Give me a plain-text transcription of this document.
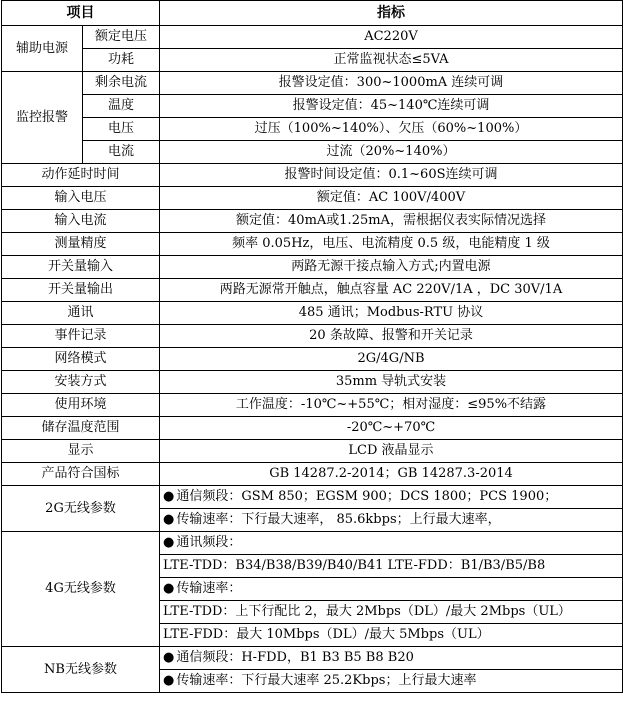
项目		指标
辅助电源	额定电压	AC220V
	功耗	正常监视状态≤5VA
监控报警	剩余电流	报警设定值：300~1000mA 连续可调
	温度	报警设定值：45~140℃连续可调
	电压	过压（100%~140%）、欠压（60%~100%）
	电流	过流（20%~140%）
动作延时时间		报警时间设定值：0.1~60S连续可调
输入电压		额定值：AC 100V/400V
输入电流		额定值：40mA或1.25mA，需根据仪表实际情况选择
测量精度		频率 0.05Hz，电压、电流精度 0.5 级，电能精度 1 级
开关量输入		两路无源干接点输入方式;内置电源
开关量输出		两路无源常开触点，触点容量 AC 220V/1A ，DC 30V/1A
通讯		485 通讯；Modbus-RTU 协议
事件记录		20 条故障、报警和开关记录
网络模式		2G/4G/NB
安装方式		35mm 导轨式安装
使用环境		工作温度：-10℃~+55℃；相对湿度：≤95%不结露
储存温度范围		-20℃~+70℃
显示		LCD 液晶显示
产品符合国标		GB 14287.2-2014；GB 14287.3-2014
2G无线参数		● 通信频段：GSM 850；EGSM 900；DCS 1800；PCS 1900；
		● 传输速率：下行最大速率， 85.6kbps；上行最大速率，
4G无线参数		● 通讯频段：
		LTE-TDD：B34/B38/B39/B40/B41 LTE-FDD：B1/B3/B5/B8
		● 传输速率：
		LTE-TDD：上下行配比 2，最大 2Mbps（DL）/最大 2Mbps（UL）
		LTE-FDD：最大 10Mbps（DL）/最大 5Mbps（UL）
NB无线参数		● 通信频段：H-FDD，B1 B3 B5 B8 B20
		● 传输速率：下行最大速率 25.2Kbps；上行最大速率
